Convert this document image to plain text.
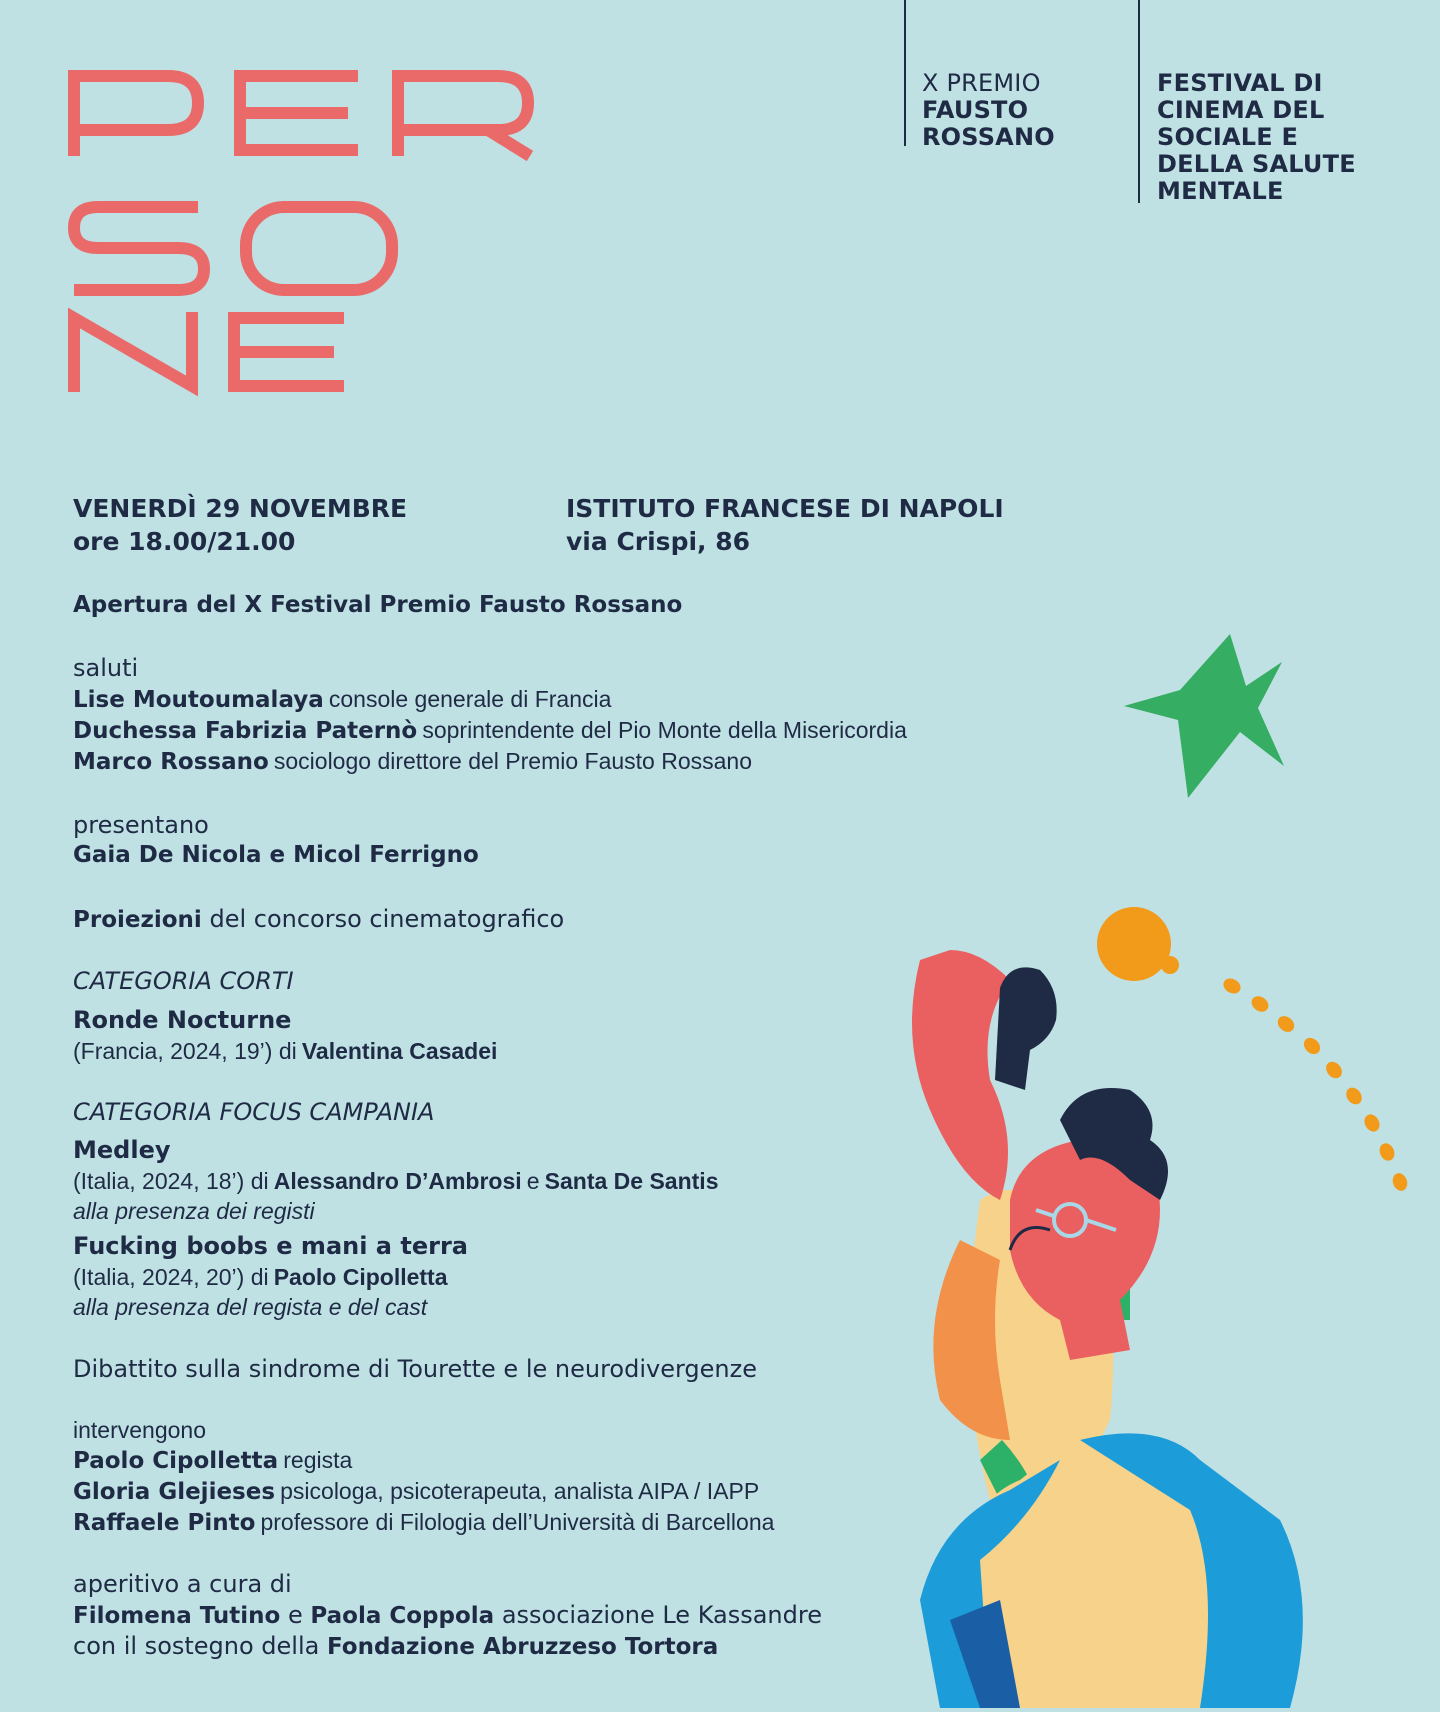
X PREMIO
FAUSTO
ROSSANO
FESTIVAL DI
CINEMA DEL
SOCIALE E
DELLA SALUTE
MENTALE
VENERDÌ 29 NOVEMBRE
ore 18.00/21.00
ISTITUTO FRANCESE DI NAPOLI
via Crispi, 86
Apertura del X Festival Premio Fausto Rossano
saluti
Lise Moutoumalaya console generale di Francia
Duchessa Fabrizia Paternò soprintendente del Pio Monte della Misericordia
Marco Rossano sociologo direttore del Premio Fausto Rossano
presentano
Gaia De Nicola e Micol Ferrigno
Proiezioni del concorso cinematografico
CATEGORIA CORTI
Ronde Nocturne
(Francia, 2024, 19’) di Valentina Casadei
CATEGORIA FOCUS CAMPANIA
Medley
(Italia, 2024, 18’) di Alessandro D’Ambrosi e Santa De Santis
alla presenza dei registi
Fucking boobs e mani a terra
(Italia, 2024, 20’) di Paolo Cipolletta
alla presenza del regista e del cast
Dibattito sulla sindrome di Tourette e le neurodivergenze
intervengono
Paolo Cipolletta regista
Gloria Glejieses psicologa, psicoterapeuta, analista AIPA / IAPP
Raffaele Pinto professore di Filologia dell’Università di Barcellona
aperitivo a cura di
Filomena Tutino e Paola Coppola associazione Le Kassandre
con il sostegno della Fondazione Abruzzeso Tortora
